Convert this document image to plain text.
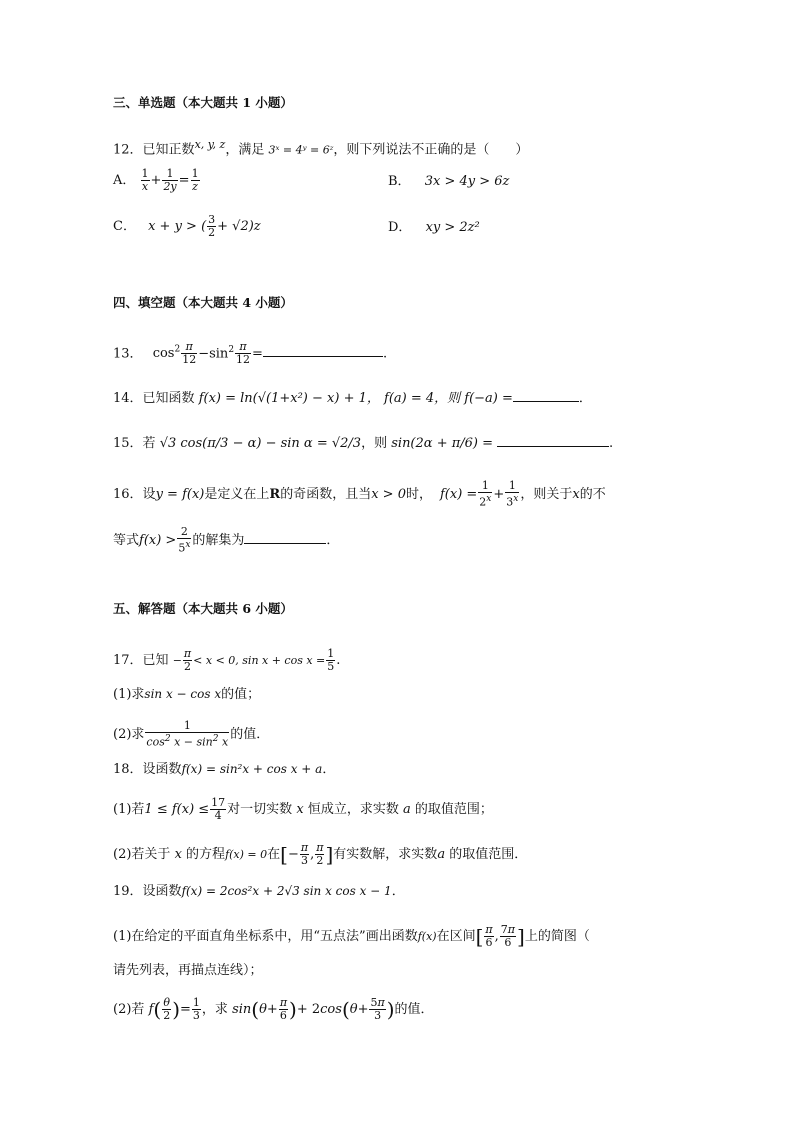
三、单选题（本大题共 1 小题）
12．已知正数$^{x, y, z}$，满足 3ˣ = 4ʸ = 6ᶻ，则下列说法不正确的是（　　）
A． $\frac{1}{x} + \frac{1}{2y} = \frac{1}{z}$	B． 3x > 4y > 6z
C． x + y > ( $\frac{3}{2} + √2)z$	D． xy > 2z²
四、填空题（本大题共 4 小题）
13． $\cos^2 \frac{\pi}{12} -\sin^2 \frac{\pi}{12}$ =	.
14．已知函数 f(x) = ln(√(1+x²) − x) + 1， f(a) = 4，则 f(−a) =	．
15．若 √3 cos(π/3 − α) − sin α = √2/3，则 sin(2α + π/6) =	.
16．设y = f(x)是定义在上R的奇函数，且当x > 0时， $f(x) = \frac{1}{2^x} + \frac{1}{3^x}$ ，则关于x的不
等式$f(x) > \frac{2}{5^x}$ 的解集为	．
五、解答题（本大题共 6 小题）
17．已知 − $\frac{\pi}{2} < x < 0$, $\sin x + \cos x = \frac{1}{5}$ .
(1)求sin x − cos x的值；
(2)求 $\frac{1}{\cos^2 x - \sin^2 x}$ 的值．
18．设函数f(x) = sin²x + cos x + a．
(1)若$1 \le f(x) \le \frac{17}{4}$ 对一切实数 x 恒成立，求实数 a 的取值范围；
(2)若关于 x 的方程f(x) = 0在[− $\frac{\pi}{3}$ , $\frac{\pi}{2}$ ]有实数解，求实数a 的取值范围．
19．设函数f(x) = 2cos²x + 2√3 sin x cos x − 1．
(1)在给定的平面直角坐标系中，用“五点法”画出函数f(x)在区间[ $\frac{\pi}{6}$ , $\frac{7\pi}{6}$ ]上的简图（
请先列表，再描点连线）；
(2)若 $f( \frac{\theta}{2}$ )= $\frac{1}{3}$ ，求 $\sin(\theta+ \frac{\pi}{6}$ )+ $2\cos(\theta+ \frac{5\pi}{3}$ )的值．
